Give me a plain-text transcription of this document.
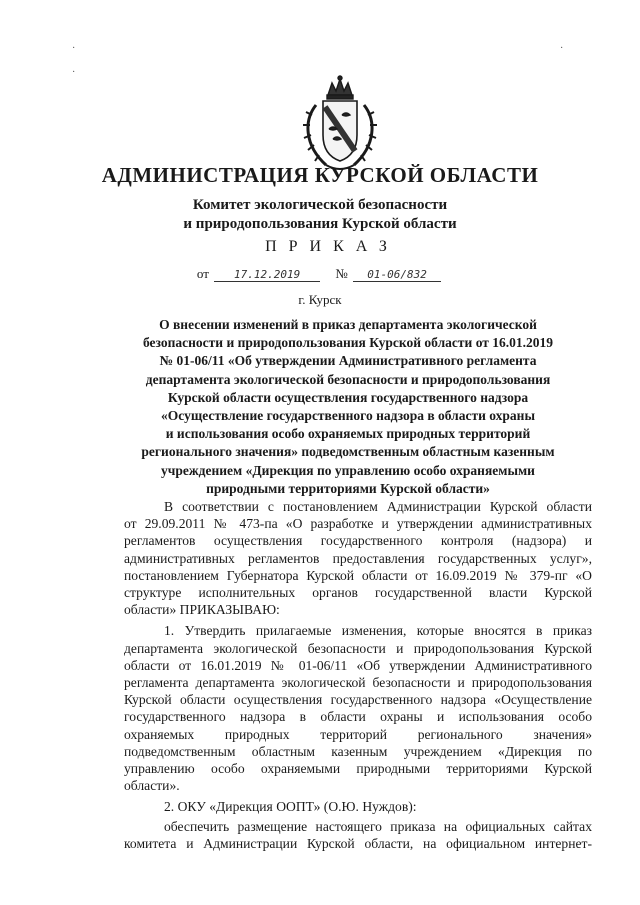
·
·
·
АДМИНИСТРАЦИЯ КУРСКОЙ ОБЛАСТИ
Комитет экологической безопасности
и природопользования Курской области
ПРИКАЗ
от 17.12.2019	№ 01-06/832
г. Курск
О внесении изменений в приказ департамента экологической
безопасности и природопользования Курской области от 16.01.2019
№ 01-06/11 «Об утверждении Административного регламента
департамента экологической безопасности и природопользования
Курской области осуществления государственного надзора
«Осуществление государственного надзора в области охраны
и использования особо охраняемых природных территорий
регионального значения» подведомственным областным казенным
учреждением «Дирекция по управлению особо охраняемыми
природными территориями Курской области»
В соответствии с постановлением Администрации Курской области
от 29.09.2011 № 473-па «О разработке и утверждении административных
регламентов осуществления государственного контроля (надзора) и
административных регламентов предоставления государственных услуг»,
постановлением Губернатора Курской области от 16.09.2019 № 379-пг «О
структуре исполнительных органов государственной власти Курской
области» ПРИКАЗЫВАЮ:
1. Утвердить прилагаемые изменения, которые вносятся в приказ
департамента экологической безопасности и природопользования Курской
области от 16.01.2019 № 01-06/11 «Об утверждении Административного
регламента департамента экологической безопасности и природопользования
Курской области осуществления государственного надзора «Осуществление
государственного надзора в области охраны и использования особо
охраняемых природных территорий регионального значения»
подведомственным областным казенным учреждением «Дирекция по
управлению особо охраняемыми природными территориями Курской
области».
2. ОКУ «Дирекция ООПТ» (О.Ю. Нуждов):
обеспечить размещение настоящего приказа на официальных сайтах
комитета и Администрации Курской области, на официальном интернет-
